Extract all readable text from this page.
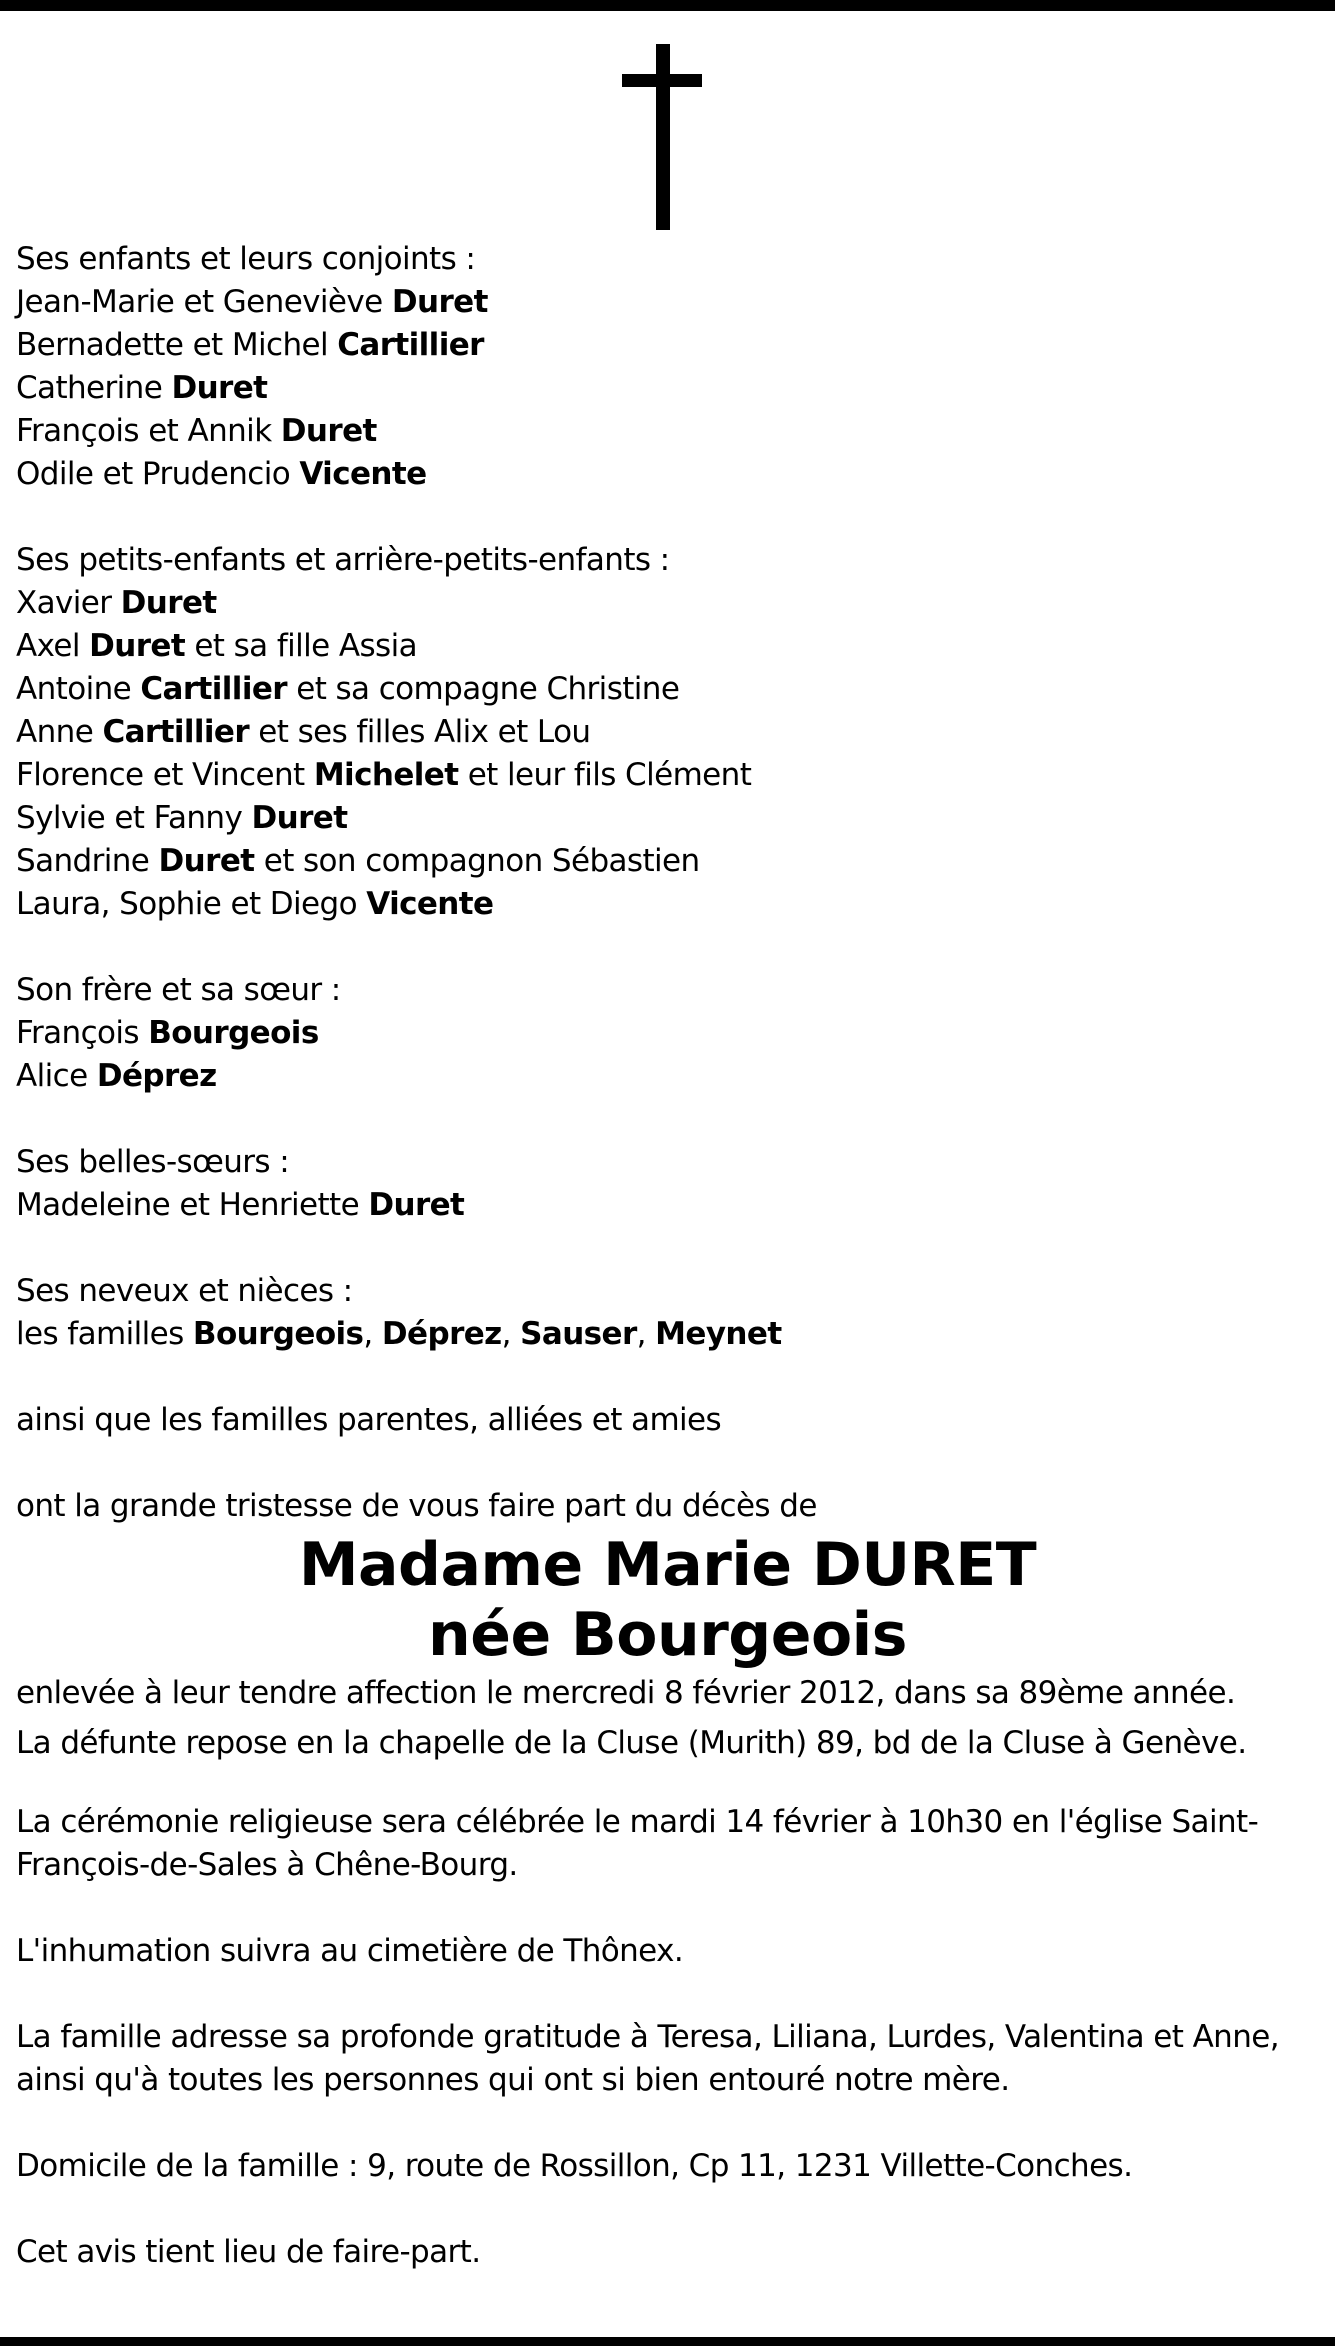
Ses enfants et leurs conjoints :
Jean-Marie et Geneviève Duret
Bernadette et Michel Cartillier
Catherine Duret
François et Annik Duret
Odile et Prudencio Vicente
Ses petits-enfants et arrière-petits-enfants :
Xavier Duret
Axel Duret et sa fille Assia
Antoine Cartillier et sa compagne Christine
Anne Cartillier et ses filles Alix et Lou
Florence et Vincent Michelet et leur fils Clément
Sylvie et Fanny Duret
Sandrine Duret et son compagnon Sébastien
Laura, Sophie et Diego Vicente
Son frère et sa sœur :
François Bourgeois
Alice Déprez
Ses belles-sœurs :
Madeleine et Henriette Duret
Ses neveux et nièces :
les familles Bourgeois, Déprez, Sauser, Meynet
ainsi que les familles parentes, alliées et amies
ont la grande tristesse de vous faire part du décès de
Madame Marie DURET
née Bourgeois
enlevée à leur tendre affection le mercredi 8 février 2012, dans sa 89ème année.
La défunte repose en la chapelle de la Cluse (Murith) 89, bd de la Cluse à Genève.
La cérémonie religieuse sera célébrée le mardi 14 février à 10h30 en l'église Saint-
François-de-Sales à Chêne-Bourg.
L'inhumation suivra au cimetière de Thônex.
La famille adresse sa profonde gratitude à Teresa, Liliana, Lurdes, Valentina et Anne,
ainsi qu'à toutes les personnes qui ont si bien entouré notre mère.
Domicile de la famille : 9, route de Rossillon, Cp 11, 1231 Villette-Conches.
Cet avis tient lieu de faire-part.
